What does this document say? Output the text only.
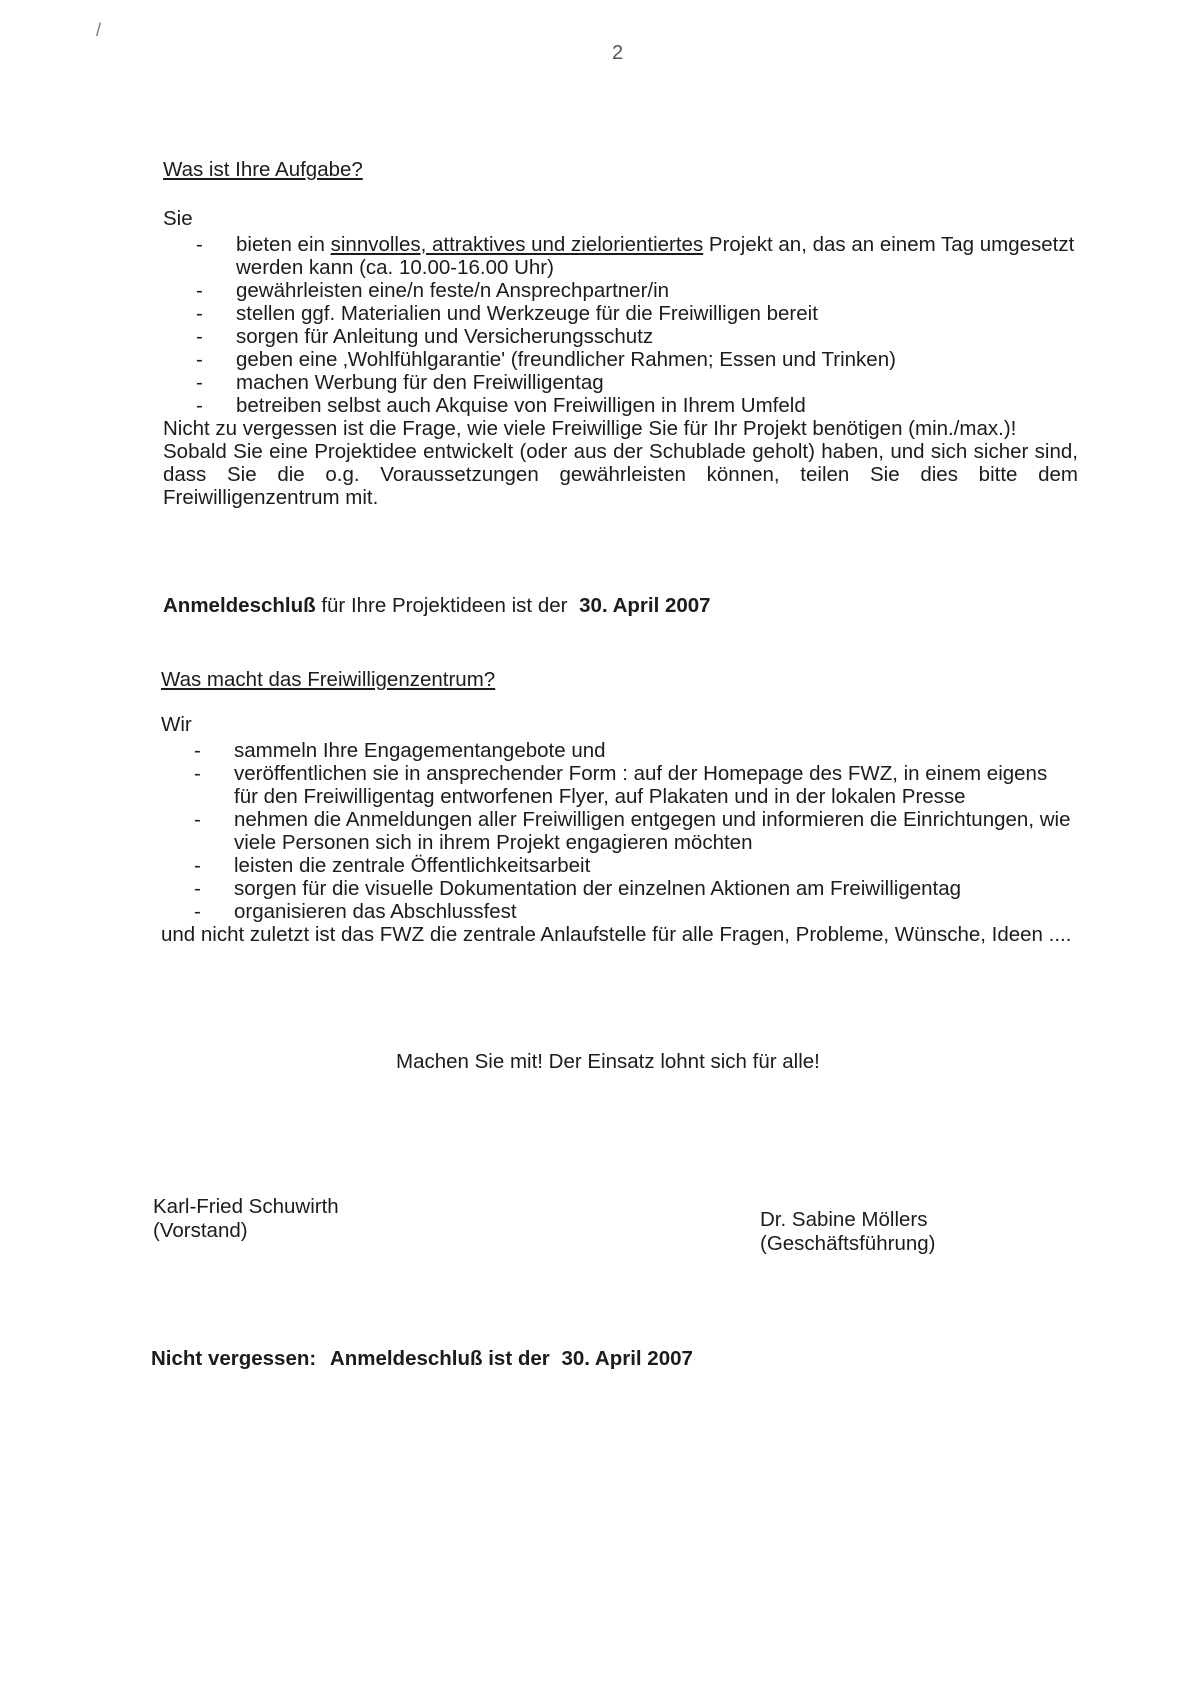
/
2
Was ist Ihre Aufgabe?
Sie
- bieten ein sinnvolles, attraktives und zielorientiertes Projekt an, das an einem Tag umgesetzt werden kann (ca. 10.00-16.00 Uhr)
- gewährleisten eine/n feste/n Ansprechpartner/in
- stellen ggf. Materialien und Werkzeuge für die Freiwilligen bereit
- sorgen für Anleitung und Versicherungsschutz
- geben eine ‚Wohlfühlgarantie' (freundlicher Rahmen; Essen und Trinken)
- machen Werbung für den Freiwilligentag
- betreiben selbst auch Akquise von Freiwilligen in Ihrem Umfeld
Nicht zu vergessen ist die Frage, wie viele Freiwillige Sie für Ihr Projekt benötigen (min./max.)!
Sobald Sie eine Projektidee entwickelt (oder aus der Schublade geholt) haben, und sich sicher sind, dass Sie die o.g. Voraussetzungen gewährleisten können, teilen Sie dies bitte dem Freiwilligenzentrum mit.
Anmeldeschluß für Ihre Projektideen ist der 30. April 2007
Was macht das Freiwilligenzentrum?
Wir
- sammeln Ihre Engagementangebote und
- veröffentlichen sie in ansprechender Form : auf der Homepage des FWZ, in einem eigens für den Freiwilligentag entworfenen Flyer, auf Plakaten und in der lokalen Presse
- nehmen die Anmeldungen aller Freiwilligen entgegen und informieren die Einrichtungen, wie viele Personen sich in ihrem Projekt engagieren möchten
- leisten die zentrale Öffentlichkeitsarbeit
- sorgen für die visuelle Dokumentation der einzelnen Aktionen am Freiwilligentag
- organisieren das Abschlussfest
und nicht zuletzt ist das FWZ die zentrale Anlaufstelle für alle Fragen, Probleme, Wünsche, Ideen ....
Machen Sie mit! Der Einsatz lohnt sich für alle!
Karl-Fried Schuwirth
(Vorstand)	Dr. Sabine Möllers
(Geschäftsführung)
Nicht vergessen: Anmeldeschluß ist der 30. April 2007
